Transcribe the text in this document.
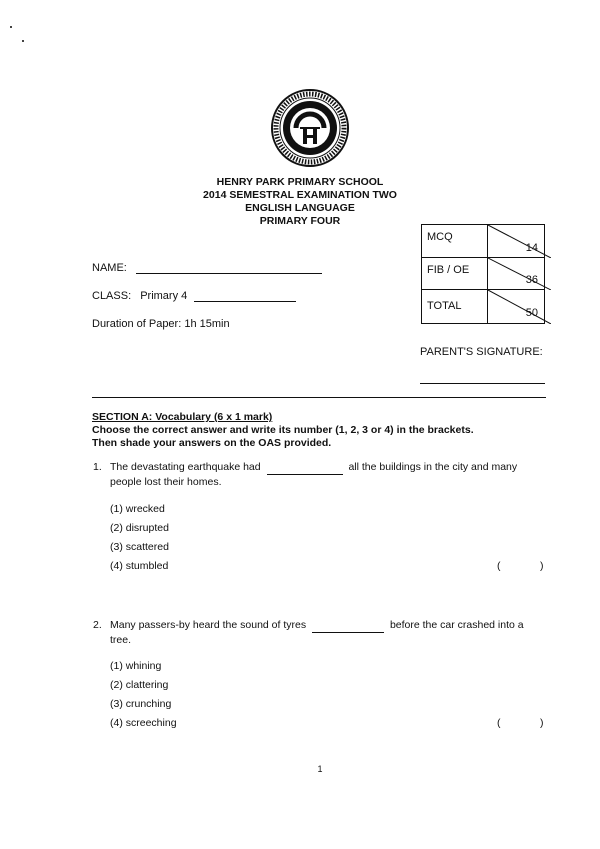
HENRY PARK PRIMARY SCHOOL
2014 SEMESTRAL EXAMINATION TWO
ENGLISH LANGUAGE
PRIMARY FOUR
NAME:
CLASS: Primary 4
Duration of Paper: 1h 15min
MCQ	14

FIB / OE	36

TOTAL	50
PARENT'S SIGNATURE:
SECTION A: Vocabulary (6 x 1 mark)
Choose the correct answer and write its number (1, 2, 3 or 4) in the brackets.
Then shade your answers on the OAS provided.
1. The devastating earthquake had	all the buildings in the city and many
people lost their homes.
(1) wrecked
(2) disrupted
(3) scattered
(4) stumbled	(	)
2. Many passers-by heard the sound of tyres	before the car crashed into a
tree.
(1) whining
(2) clattering
(3) crunching
(4) screeching	(	)
1
